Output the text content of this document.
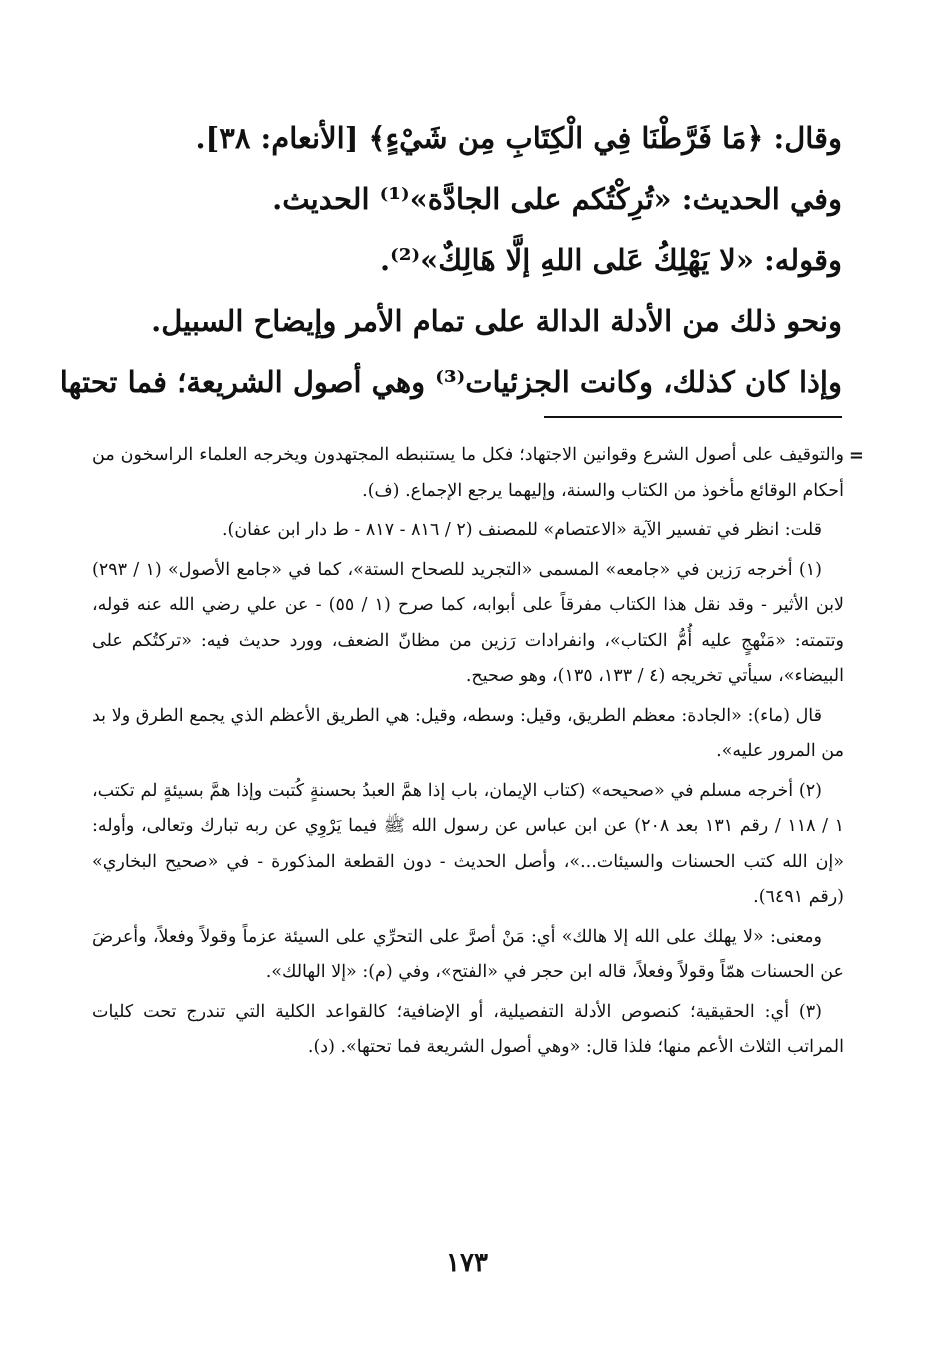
وقال: ﴿مَا فَرَّطْنَا فِي الْكِتَابِ مِن شَيْءٍ﴾ [الأنعام: ٣٨].

وفي الحديث: «تُرِكْتُكم على الجادَّة»⁽¹⁾ الحديث.

وقوله: «لا يَهْلِكُ عَلى اللهِ إلَّا هَالِكٌ»⁽²⁾.

ونحو ذلك من الأدلة الدالة على تمام الأمر وإيضاح السبيل.

وإذا كان كذلك، وكانت الجزئيات⁽³⁾ وهي أصول الشريعة؛ فما تحتها

=
والتوقيف على أصول الشرع وقوانين الاجتهاد؛ فكل ما يستنبطه المجتهدون ويخرجه العلماء الراسخون من أحكام الوقائع مأخوذ من الكتاب والسنة، وإليهما يرجع الإجماع. (ف).

قلت: انظر في تفسير الآية «الاعتصام» للمصنف (٢ / ٨١٦ - ٨١٧ - ط دار ابن عفان).

(١) أخرجه رَزين في «جامعه» المسمى «التجريد للصحاح الستة»، كما في «جامع الأصول» (١ / ٢٩٣) لابن الأثير - وقد نقل هذا الكتاب مفرقاً على أبوابه، كما صرح (١ / ٥٥) - عن علي رضي الله عنه قوله، وتتمته: «مَنْهجٍ عليه أُمُّ الكتاب»، وانفرادات رَزين من مظانّ الضعف، وورد حديث فيه: «تركتُكم على البيضاء»، سيأتي تخريجه (٤ / ١٣٣، ١٣٥)، وهو صحيح.

قال (ماء): «الجادة: معظم الطريق، وقيل: وسطه، وقيل: هي الطريق الأعظم الذي يجمع الطرق ولا بد من المرور عليه».

(٢) أخرجه مسلم في «صحيحه» (كتاب الإيمان، باب إذا همَّ العبدُ بحسنةٍ كُتبت وإذا همَّ بسيئةٍ لم تكتب، ١ / ١١٨ / رقم ١٣١ بعد ٢٠٨) عن ابن عباس عن رسول الله ﷺ فيما يَرْوِي عن ربه تبارك وتعالى، وأوله: «إن الله كتب الحسنات والسيئات...»، وأصل الحديث - دون القطعة المذكورة - في «صحيح البخاري» (رقم ٦٤٩١).

ومعنى: «لا يهلك على الله إلا هالك» أي: مَنْ أصرَّ على التحرِّي على السيئة عزماً وقولاً وفعلاً، وأعرضَ عن الحسنات همّاً وقولاً وفعلاً، قاله ابن حجر في «الفتح»، وفي (م): «إلا الهالك».

(٣) أي: الحقيقية؛ كنصوص الأدلة التفصيلية، أو الإضافية؛ كالقواعد الكلية التي تندرج تحت كليات المراتب الثلاث الأعم منها؛ فلذا قال: «وهي أصول الشريعة فما تحتها». (د).

١٧٣
